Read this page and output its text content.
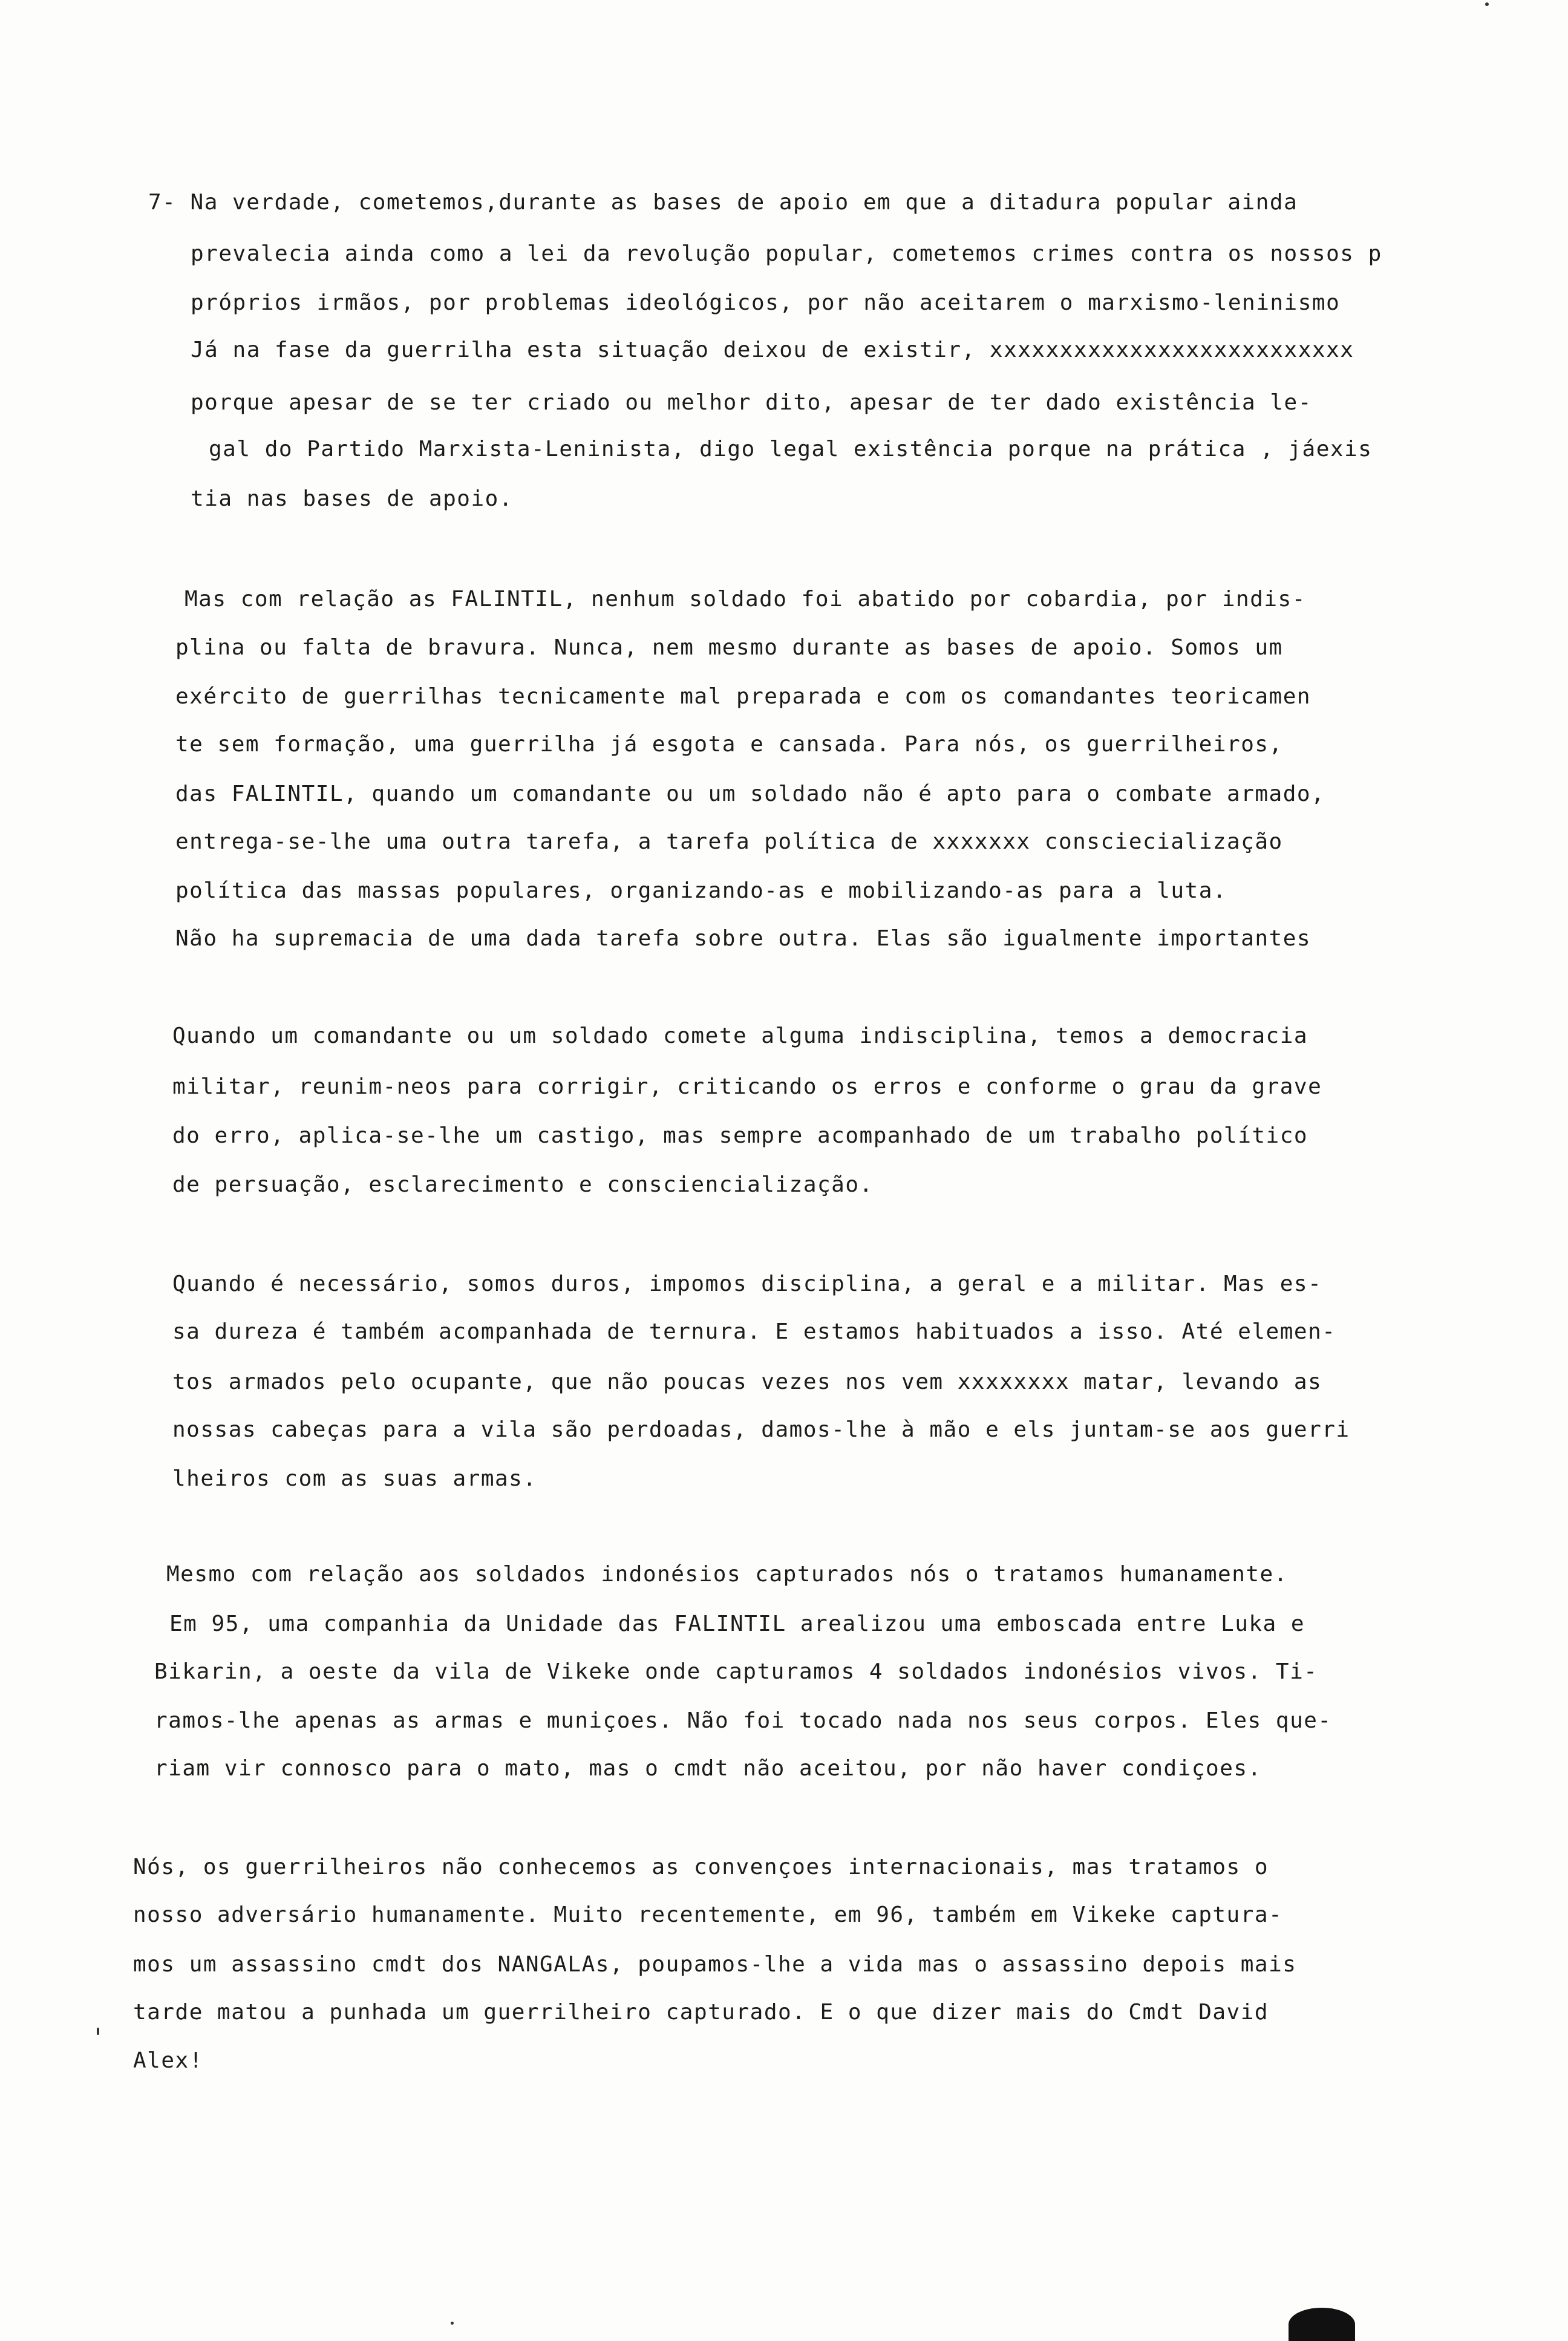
7- Na verdade, cometemos,durante as bases de apoio em que a ditadura popular ainda
prevalecia ainda como a lei da revolução popular, cometemos crimes contra os nossos p
próprios irmãos, por problemas ideológicos, por não aceitarem o marxismo-leninismo
Já na fase da guerrilha esta situação deixou de existir, xxxxxxxxxxxxxxxxxxxxxxxxxx
porque apesar de se ter criado ou melhor dito, apesar de ter dado existência le-
gal do Partido Marxista-Leninista, digo legal existência porque na prática , jáexis
tia nas bases de apoio.
Mas com relação as FALINTIL, nenhum soldado foi abatido por cobardia, por indis-
plina ou falta de bravura. Nunca, nem mesmo durante as bases de apoio. Somos um
exército de guerrilhas tecnicamente mal preparada e com os comandantes teoricamen
te sem formação, uma guerrilha já esgota e cansada. Para nós, os guerrilheiros,
das FALINTIL, quando um comandante ou um soldado não é apto para o combate armado,
entrega-se-lhe uma outra tarefa, a tarefa política de xxxxxxx consciecialização
política das massas populares, organizando-as e mobilizando-as para a luta.
Não ha supremacia de uma dada tarefa sobre outra. Elas são igualmente importantes
Quando um comandante ou um soldado comete alguma indisciplina, temos a democracia
militar, reunim-neos para corrigir, criticando os erros e conforme o grau da grave
do erro, aplica-se-lhe um castigo, mas sempre acompanhado de um trabalho político
de persuação, esclarecimento e consciencialização.
Quando é necessário, somos duros, impomos disciplina, a geral e a militar. Mas es-
sa dureza é também acompanhada de ternura. E estamos habituados a isso. Até elemen-
tos armados pelo ocupante, que não poucas vezes nos vem xxxxxxxx matar, levando as
nossas cabeças para a vila são perdoadas, damos-lhe à mão e els juntam-se aos guerri
lheiros com as suas armas.
Mesmo com relação aos soldados indonésios capturados nós o tratamos humanamente.
Em 95, uma companhia da Unidade das FALINTIL arealizou uma emboscada entre Luka e
Bikarin, a oeste da vila de Vikeke onde capturamos 4 soldados indonésios vivos. Ti-
ramos-lhe apenas as armas e muniçoes. Não foi tocado nada nos seus corpos. Eles que-
riam vir connosco para o mato, mas o cmdt não aceitou, por não haver condiçoes.
Nós, os guerrilheiros não conhecemos as convençoes internacionais, mas tratamos o
nosso adversário humanamente. Muito recentemente, em 96, também em Vikeke captura-
mos um assassino cmdt dos NANGALAs, poupamos-lhe a vida mas o assassino depois mais
tarde matou a punhada um guerrilheiro capturado. E o que dizer mais do Cmdt David
Alex!
